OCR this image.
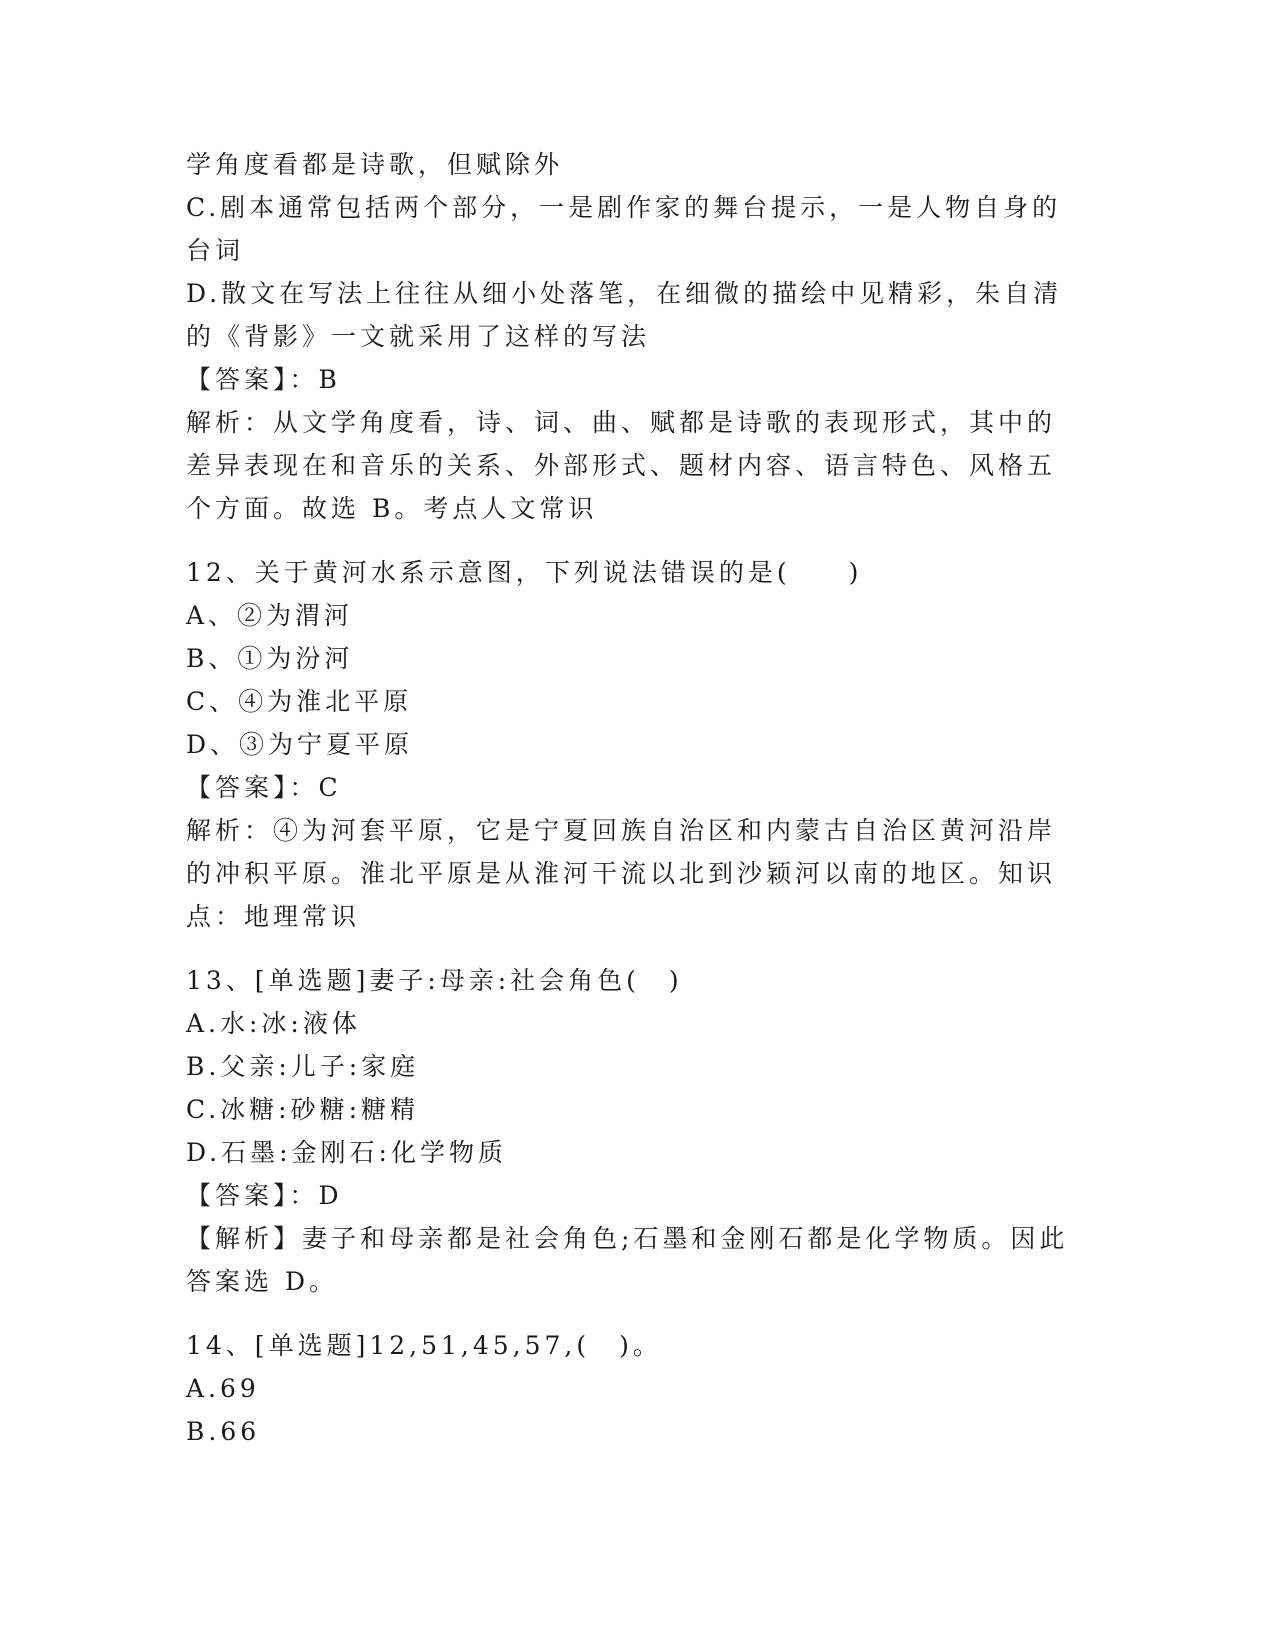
学角度看都是诗歌，但赋除外
C.剧本通常包括两个部分，一是剧作家的舞台提示，一是人物自身的
台词
D.散文在写法上往往从细小处落笔，在细微的描绘中见精彩，朱自清
的《背影》一文就采用了这样的写法
【答案】：B
解析：从文学角度看，诗、词、曲、赋都是诗歌的表现形式，其中的
差异表现在和音乐的关系、外部形式、题材内容、语言特色、风格五
个方面。故选 B。考点人文常识
12、关于黄河水系示意图，下列说法错误的是(　　)
A、②为渭河
B、①为汾河
C、④为淮北平原
D、③为宁夏平原
【答案】：C
解析：④为河套平原，它是宁夏回族自治区和内蒙古自治区黄河沿岸
的冲积平原。淮北平原是从淮河干流以北到沙颖河以南的地区。知识
点：地理常识
13、[单选题]妻子:母亲:社会角色(　)
A.水:冰:液体
B.父亲:儿子:家庭
C.冰糖:砂糖:糖精
D.石墨:金刚石:化学物质
【答案】：D
【解析】妻子和母亲都是社会角色;石墨和金刚石都是化学物质。因此
答案选 D。
14、[单选题]12,51,45,57,(　)。
A.69
B.66
